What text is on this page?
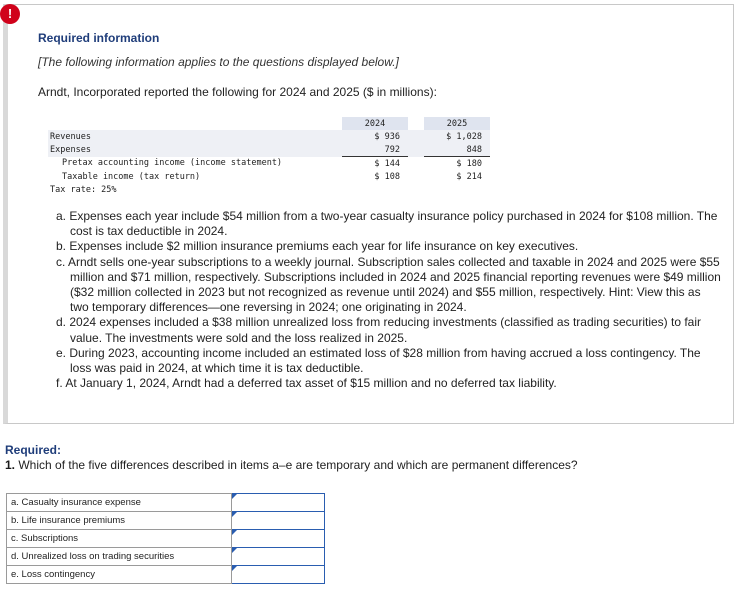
!
Required information
[The following information applies to the questions displayed below.]
Arndt, Incorporated reported the following for 2024 and 2025 ($ in millions):
	2024		2025
Revenues	$ 936		$ 1,028
Expenses	792		848
Pretax accounting income (income statement)	$ 144		$ 180
Taxable income (tax return)	$ 108		$ 214
Tax rate: 25%			
a. Expenses each year include $54 million from a two-year casualty insurance policy purchased in 2024 for $108 million. The cost is tax deductible in 2024.
b. Expenses include $2 million insurance premiums each year for life insurance on key executives.
c. Arndt sells one-year subscriptions to a weekly journal. Subscription sales collected and taxable in 2024 and 2025 were $55 million and $71 million, respectively. Subscriptions included in 2024 and 2025 financial reporting revenues were $49 million ($32 million collected in 2023 but not recognized as revenue until 2024) and $55 million, respectively. Hint: View this as two temporary differences—one reversing in 2024; one originating in 2024.
d. 2024 expenses included a $38 million unrealized loss from reducing investments (classified as trading securities) to fair value. The investments were sold and the loss realized in 2025.
e. During 2023, accounting income included an estimated loss of $28 million from having accrued a loss contingency. The loss was paid in 2024, at which time it is tax deductible.
f. At January 1, 2024, Arndt had a deferred tax asset of $15 million and no deferred tax liability.
Required:
1. Which of the five differences described in items a–e are temporary and which are permanent differences?
a. Casualty insurance expense	

b. Life insurance premiums	

c. Subscriptions	

d. Unrealized loss on trading securities	

e. Loss contingency	
